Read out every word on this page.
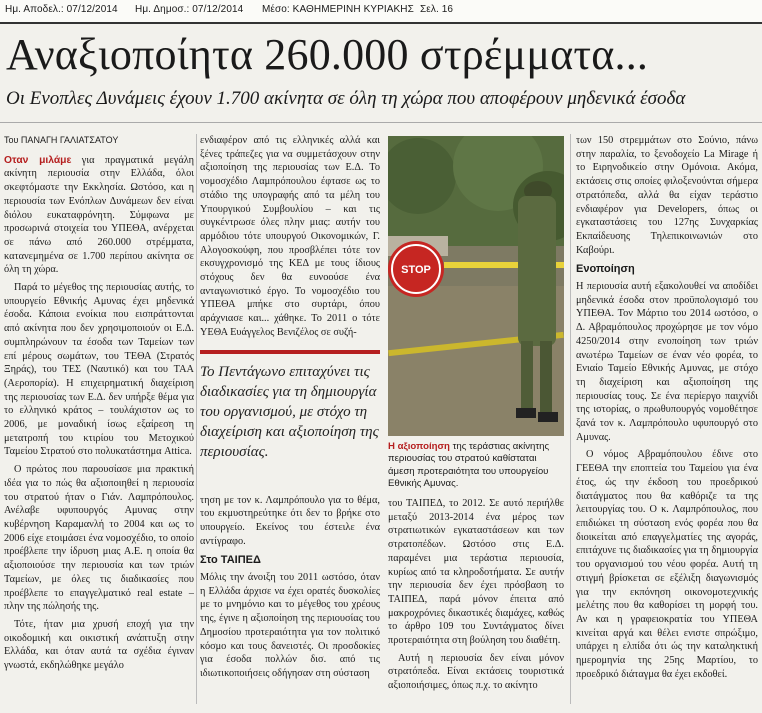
Ημ. Αποδελ.: 07/12/2014 Ημ. Δημοσ.: 07/12/2014 Μέσο: ΚΑΘΗΜΕΡΙΝΗ ΚΥΡΙΑΚΗΣ Σελ. 16
Αναξιοποίητα 260.000 στρέμματα...
Οι Ενοπλες Δυνάμεις έχουν 1.700 ακίνητα σε όλη τη χώρα που αποφέρουν μηδενικά έσοδα
Του ΠΑΝΑΓΗ ΓΑΛΙΑΤΣΑΤΟΥ

Οταν μιλάμε για πραγματικά μεγάλη ακίνητη περιουσία στην Ελλάδα, όλοι σκεφτόμαστε την Εκκλησία. Ωστόσο, και η περιουσία των Ενόπλων Δυνάμεων δεν είναι διόλου ευκαταφρόνητη. Σύμφωνα με προσωρινά στοιχεία του ΥΠΕΘΑ, ανέρχεται σε πάνω από 260.000 στρέμματα, κατανεμημένα σε 1.700 περίπου ακίνητα σε όλη τη χώρα.

Παρά το μέγεθος της περιουσίας αυτής, το υπουργείο Εθνικής Αμυνας έχει μηδενικά έσοδα. Κάποια ενοίκια που εισπράττονται από ακίνητα που δεν χρησιμοποιούν οι Ε.Δ. συμπληρώνουν τα έσοδα των Ταμείων των επί μέρους σωμάτων, του ΤΕΘΑ (Στρατός Ξηράς), του ΤΕΣ (Ναυτικό) και του ΤΑΑ (Αεροπορία). Η επιχειρηματική διαχείριση της περιουσίας των Ε.Δ. δεν υπήρξε θέμα για το ελληνικό κράτος – τουλάχιστον ως το 2006, με μοναδική ίσως εξαίρεση τη μετατροπή του κτιρίου του Μετοχικού Ταμείου Στρατού στο πολυκατάστημα Attica.

Ο πρώτος που παρουσίασε μια πρακτική ιδέα για το πώς θα αξιοποιηθεί η περιουσία του στρατού ήταν ο Γιάν. Λαμπρόπουλος. Ανέλαβε υφυπουργός Αμυνας στην κυβέρνηση Καραμανλή το 2004 και ως το 2006 είχε ετοιμάσει ένα νομοσχέδιο, το οποίο προέβλεπε την ίδρυση μιας Α.Ε. η οποία θα αξιοποιούσε την περιουσία και των τριών Ταμείων, με όλες τις διαδικασίες που προέβλεπε το επαγγελματικό real estate – πλην της πώλησής της.

Τότε, ήταν μια χρυσή εποχή για την οικοδομική και οικιστική ανάπτυξη στην Ελλάδα, και όταν αυτά τα σχέδια έγιναν γνωστά, εκδηλώθηκε μεγάλο

ενδιαφέρον από τις ελληνικές αλλά και ξένες τράπεζες για να συμμετάσχουν στην αξιοποίηση της περιουσίας των Ε.Δ. Το νομοσχέδιο Λαμπρόπουλου έφτασε ως το στάδιο της υπογραφής από τα μέλη του Υπουργικού Συμβουλίου – και τις συγκέντρωσε όλες πλην μιας: αυτήν του αρμόδιου τότε υπουργού Οικονομικών, Γ. Αλογοσκούφη, που προσβλέπει τότε τον εκσυγχρονισμό της ΚΕΔ με τους ίδιους στόχους δεν θα ευνοούσε ένα ανταγωνιστικό έργο. Το νομοσχέδιο του ΥΠΕΘΑ μπήκε στο συρτάρι, όπου αράχνιασε και... χάθηκε. Το 2011 ο τότε ΥΕΘΑ Ευάγγελος Βενιζέλος σε συζή-

τηση με τον κ. Λαμπρόπουλο για το θέμα, του εκμυστηρεύτηκε ότι δεν το βρήκε στο υπουργείο. Εκείνος του έστειλε ένα αντίγραφο.

Στο ΤΑΙΠΕΔ

Μόλις την άνοιξη του 2011 ωστόσο, όταν η Ελλάδα άρχισε να έχει ορατές δυσκολίες με το μνημόνιο και το μέγεθος του χρέους της, έγινε η αξιοποίηση της περιουσίας του Δημοσίου προτεραιότητα για τον πολιτικό κόσμο και τους δανειστές. Οι προσδοκίες για έσοδα πολλών δισ. από τις ιδιωτικοποιήσεις οδήγησαν στη σύσταση

Το Πεντάγωνο επιταχύνει τις διαδικασίες για τη δημιουργία του οργανισμού, με στόχο τη διαχείριση και αξιοποίηση της περιουσίας.
STOP
Η αξιοποίηση της τεράστιας ακίνητης περιουσίας του στρατού καθίσταται άμεση προτεραιότητα του υπουργείου Εθνικής Αμυνας.

του ΤΑΙΠΕΔ, το 2012. Σε αυτό περιήλθε μεταξύ 2013-2014 ένα μέρος των στρατιωτικών εγκαταστάσεων και των στρατοπέδων. Ωστόσο στις Ε.Δ. παραμένει μια τεράστια περιουσία, κυρίως από τα κληροδοτήματα. Σε αυτήν την περιουσία δεν έχει πρόσβαση το ΤΑΙΠΕΔ, παρά μόνον έπειτα από μακροχρόνιες δικαστικές διαμάχες, καθώς το άρθρο 109 του Συντάγματος δίνει προτεραιότητα στη βούληση του διαθέτη.

Αυτή η περιουσία δεν είναι μόνον στρατόπεδα. Είναι εκτάσεις τουριστικά αξιοποιήσιμες, όπως π.χ. το ακίνητο

των 150 στρεμμάτων στο Σούνιο, πάνω στην παραλία, το ξενοδοχείο La Mirage ή το Ειρηνοδικείο στην Ομόνοια. Ακόμα, εκτάσεις στις οποίες φιλοξενούνται σήμερα στρατόπεδα, αλλά θα είχαν τεράστιο ενδιαφέρον για Developers, όπως οι εγκαταστάσεις του 127ης Συνχαρκίας Εκπαίδευσης Τηλεπικοινωνιών στο Καβούρι.

Ενοποίηση

Η περιουσία αυτή εξακολουθεί να αποδίδει μηδενικά έσοδα στον προϋπολογισμό του ΥΠΕΘΑ. Τον Μάρτιο του 2014 ωστόσο, ο Δ. Αβραμόπουλος προχώρησε με τον νόμο 4250/2014 στην ενοποίηση των τριών ανωτέρω Ταμείων σε έναν νέο φορέα, το Ενιαίο Ταμείο Εθνικής Αμυνας, με στόχο τη διαχείριση και αξιοποίηση της περιουσίας τους. Σε ένα περίεργο παιχνίδι της ιστορίας, ο πρωθυπουργός νομοθέτησε ξανά τον κ. Λαμπρόπουλο υφυπουργό στο Αμυνας.

Ο νόμος Αβραμόπουλου έδινε στο ΓΕΕΘΑ την εποπτεία του Ταμείου για ένα έτος, ώς την έκδοση του προεδρικού διατάγματος που θα καθόριζε τα της λειτουργίας του. Ο κ. Λαμπρόπουλος, που επιδιώκει τη σύσταση ενός φορέα που θα διοικείται από επαγγελματίες της αγοράς, επιτάχυνε τις διαδικασίες για τη δημιουργία του οργανισμού του νέου φορέα. Αυτή τη στιγμή βρίσκεται σε εξέλιξη διαγωνισμός για την εκπόνηση οικονομοτεχνικής μελέτης που θα καθορίσει τη μορφή του. Αν και η γραφειοκρατία του ΥΠΕΘΑ κινείται αργά και θέλει ενιστε σπρώξιμο, υπάρχει η ελπίδα ότι ώς την καταληκτική ημερομηνία της 25ης Μαρτίου, το προεδρικό διάταγμα θα έχει εκδοθεί.
